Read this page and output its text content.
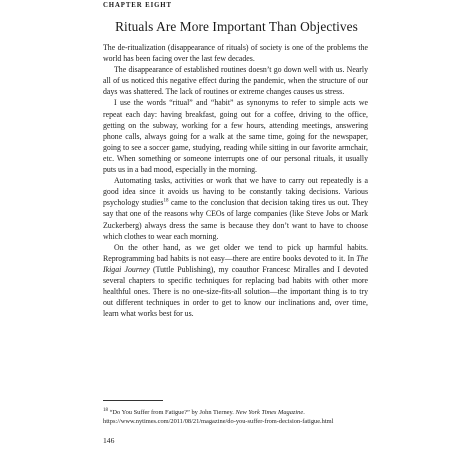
CHAPTER EIGHT
Rituals Are More Important Than Objectives

The de-ritualization (disappearance of rituals) of society is one of the problems the world has been facing over the last few decades.

The disappearance of established routines doesn’t go down well with us. Nearly all of us noticed this negative effect during the pandemic, when the structure of our days was shattered. The lack of routines or extreme changes causes us stress.

I use the words “ritual” and “habit” as synonyms to refer to simple acts we repeat each day: having breakfast, going out for a coffee, driving to the office, getting on the subway, working for a few hours, attending meetings, answering phone calls, always going for a walk at the same time, going for the newspaper, going to see a soccer game, studying, reading while sitting in our favorite armchair, etc. When something or someone interrupts one of our personal rituals, it usually puts us in a bad mood, especially in the morning.

Automating tasks, activities or work that we have to carry out repeatedly is a good idea since it avoids us having to be constantly taking decisions. Various psychology studies$^{18}$ came to the conclusion that decision taking tires us out. They say that one of the reasons why CEOs of large companies (like Steve Jobs or Mark Zuckerberg) always dress the same is because they don’t want to have to choose which clothes to wear each morning.

On the other hand, as we get older we tend to pick up harmful habits. Reprogramming bad habits is not easy—there are entire books devoted to it. In The Ikigai Journey (Tuttle Publishing), my coauthor Francesc Miralles and I devoted several chapters to specific techniques for replacing bad habits with other more healthful ones. There is no one-size-fits-all solution—the important thing is to try out different techniques in order to get to know our inclinations and, over time, learn what works best for us.

$^{18}$ “Do You Suffer from Fatigue?” by John Tierney. New York Times Magazine. https://www.nytimes.com/2011/08/21/magazine/do-you-suffer-from-decision-fatigue.html
146
